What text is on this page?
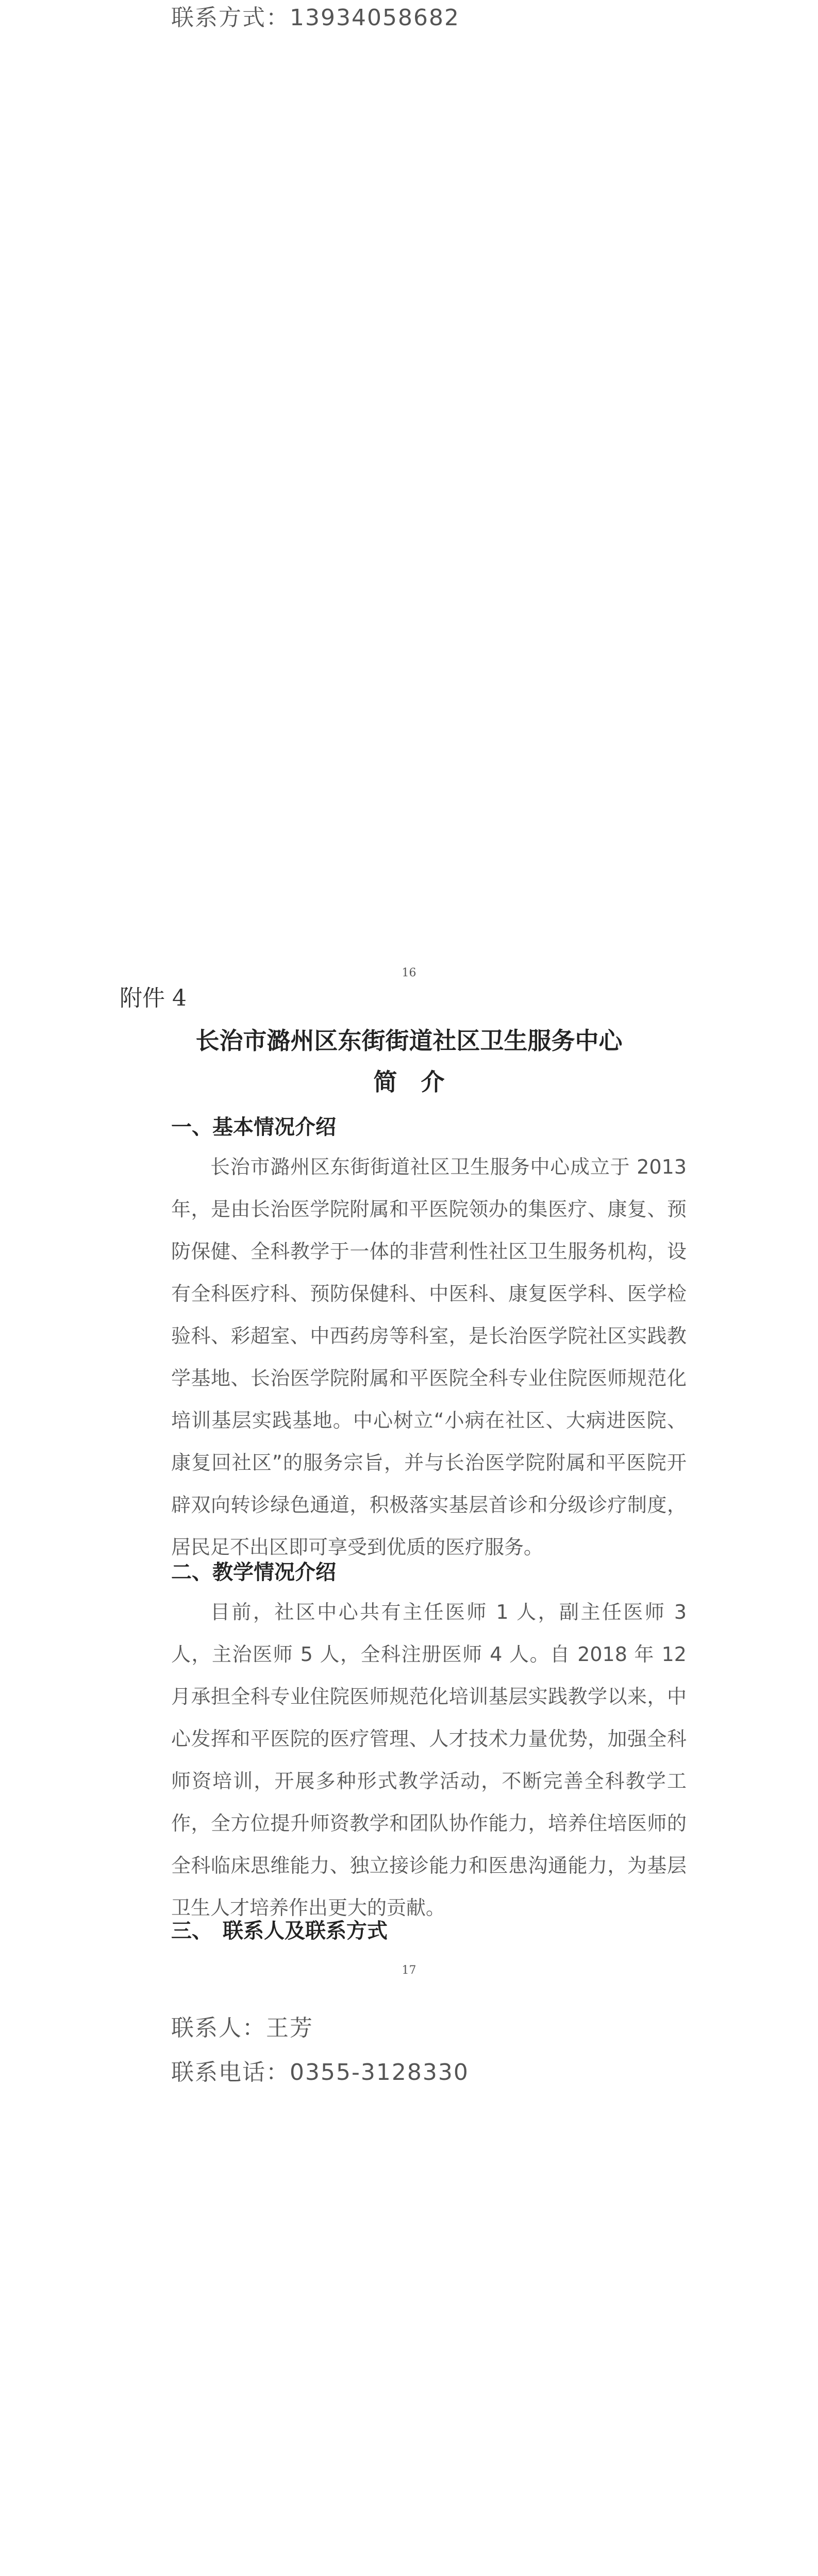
联系方式：13934058682
16
附件 4
长治市潞州区东街街道社区卫生服务中心
简　介
一、基本情况介绍

长治市潞州区东街街道社区卫生服务中心成立于 2013 年，是由长治医学院附属和平医院领办的集医疗、康复、预防保健、全科教学于一体的非营利性社区卫生服务机构，设有全科医疗科、预防保健科、中医科、康复医学科、医学检验科、彩超室、中西药房等科室，是长治医学院社区实践教学基地、长治医学院附属和平医院全科专业住院医师规范化培训基层实践基地。中心树立“小病在社区、大病进医院、康复回社区”的服务宗旨，并与长治医学院附属和平医院开辟双向转诊绿色通道，积极落实基层首诊和分级诊疗制度，居民足不出区即可享受到优质的医疗服务。

二、教学情况介绍

目前，社区中心共有主任医师 1 人，副主任医师 3 人，主治医师 5 人，全科注册医师 4 人。自 2018 年 12 月承担全科专业住院医师规范化培训基层实践教学以来，中心发挥和平医院的医疗管理、人才技术力量优势，加强全科师资培训，开展多种形式教学活动，不断完善全科教学工作，全方位提升师资教学和团队协作能力，培养住培医师的全科临床思维能力、独立接诊能力和医患沟通能力，为基层卫生人才培养作出更大的贡献。

三、　联系人及联系方式
17
联系人：王芳
联系电话：0355-3128330
